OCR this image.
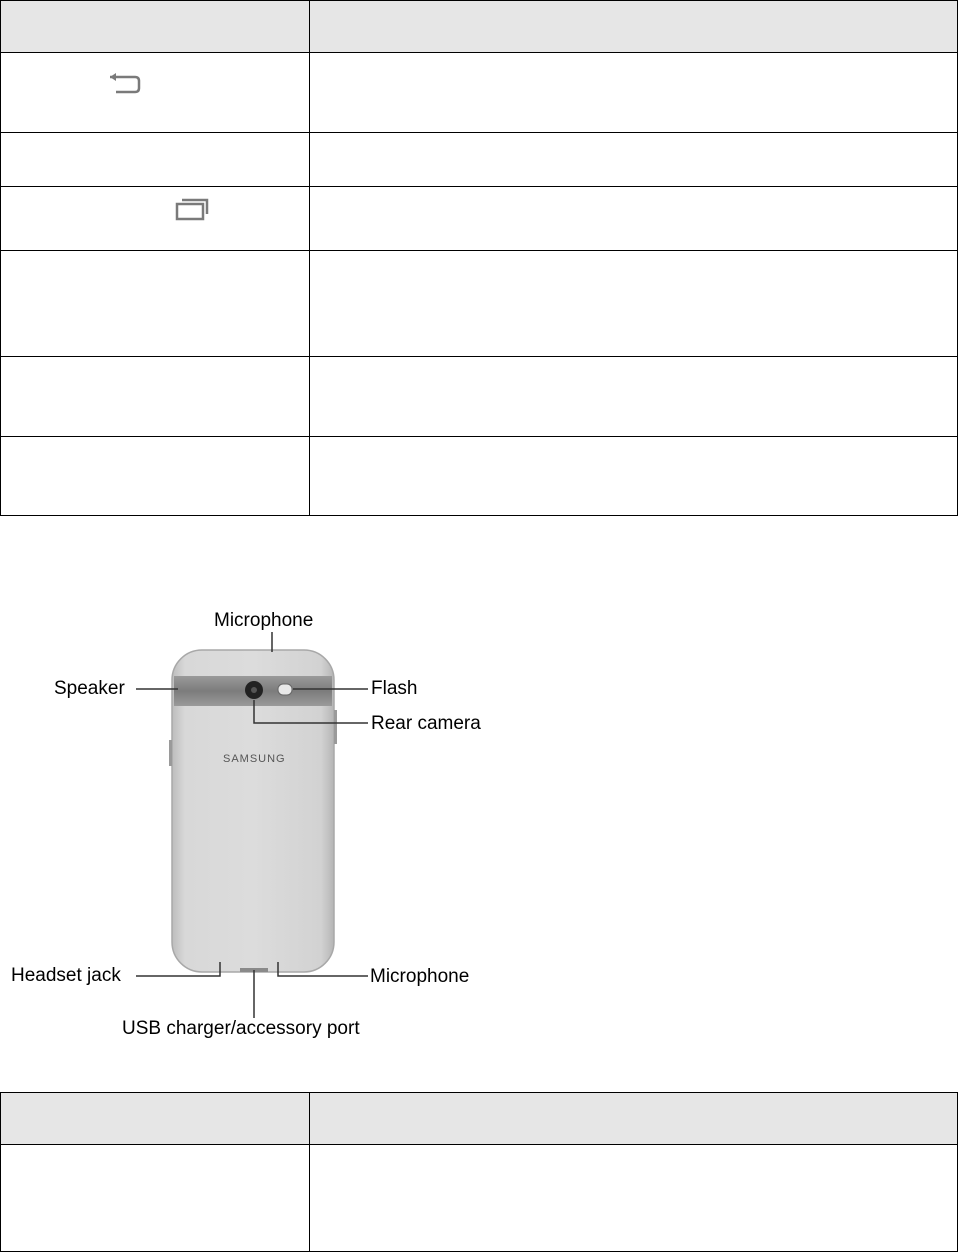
SAMSUNG
Microphone
Speaker	Flash
Rear camera
Headset jack	Microphone
USB charger/accessory port
